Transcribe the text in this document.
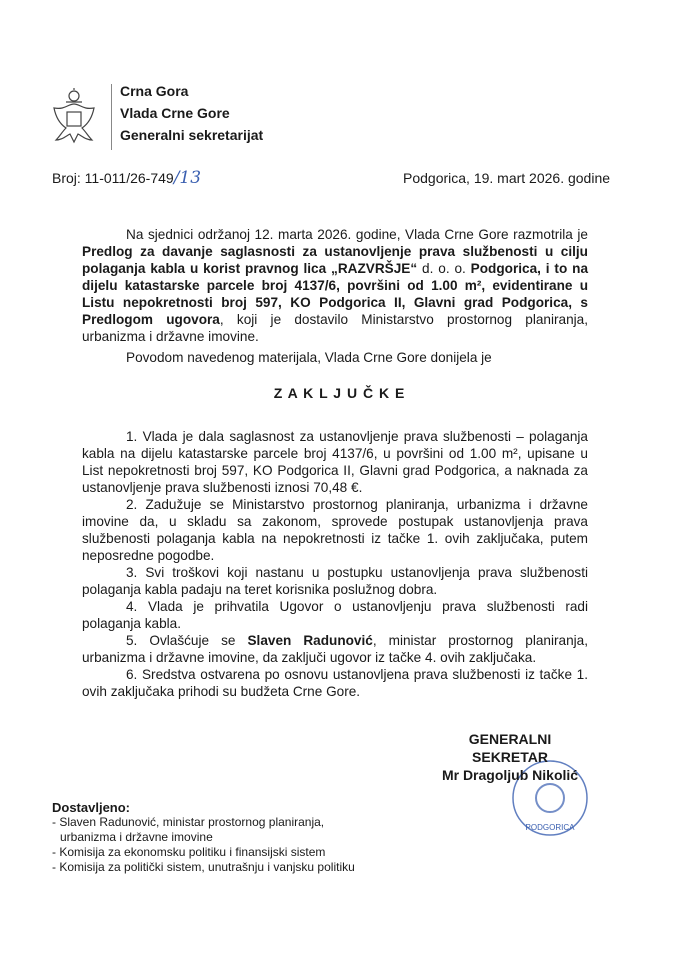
Crna Gora
Vlada Crne Gore
Generalni sekretarijat
Broj: 11-011/26-749/13	Podgorica, 19. mart 2026. godine

Na sjednici održanoj 12. marta 2026. godine, Vlada Crne Gore razmotrila je Predlog za davanje saglasnosti za ustanovljenje prava službenosti u cilju polaganja kabla u korist pravnog lica „RAZVRŠJE“ d. o. o. Podgorica, i to na dijelu katastarske parcele broj 4137/6, površini od 1.00 m², evidentirane u Listu nepokretnosti broj 597, KO Podgorica II, Glavni grad Podgorica, s Predlogom ugovora, koji je dostavilo Ministarstvo prostornog planiranja, urbanizma i državne imovine.

Povodom navedenog materijala, Vlada Crne Gore donijela je

Z A K L J U Č K E

1. Vlada je dala saglasnost za ustanovljenje prava službenosti – polaganja kabla na dijelu katastarske parcele broj 4137/6, u površini od 1.00 m², upisane u List nepokretnosti broj 597, KO Podgorica II, Glavni grad Podgorica, a naknada za ustanovljenje prava službenosti iznosi 70,48 €.

2. Zadužuje se Ministarstvo prostornog planiranja, urbanizma i državne imovine da, u skladu sa zakonom, sprovede postupak ustanovljenja prava službenosti polaganja kabla na nepokretnosti iz tačke 1. ovih zaključaka, putem neposredne pogodbe.

3. Svi troškovi koji nastanu u postupku ustanovljenja prava službenosti polaganja kabla padaju na teret korisnika poslužnog dobra.

4. Vlada je prihvatila Ugovor o ustanovljenju prava službenosti radi polaganja kabla.

5. Ovlašćuje se Slaven Radunović, ministar prostornog planiranja, urbanizma i državne imovine, da zaključi ugovor iz tačke 4. ovih zaključaka.

6. Sredstva ostvarena po osnovu ustanovljena prava službenosti iz tačke 1. ovih zaključaka prihodi su budžeta Crne Gore.

PODGORICA
GENERALNI SEKRETAR
Mr Dragoljub Nikolić
Dostavljeno:
- Slaven Radunović, ministar prostornog planiranja,
urbanizma i državne imovine
- Komisija za ekonomsku politiku i finansijski sistem
- Komisija za politički sistem, unutrašnju i vanjsku politiku
